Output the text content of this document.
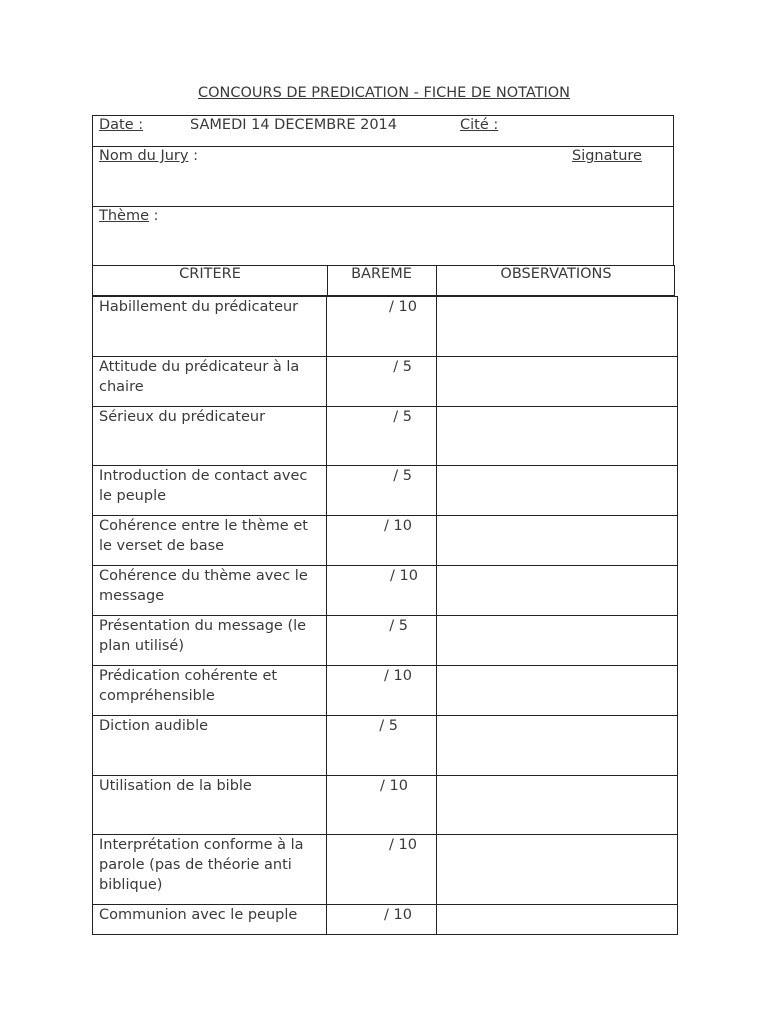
CONCOURS DE PREDICATION - FICHE DE NOTATION
Date :	SAMEDI 14 DECEMBRE 2014	Cité :
Nom du Jury :	Signature
Thème :
CRITERE	BAREME	OBSERVATIONS
Habillement du prédicateur	/ 10	
Attitude du prédicateur à la chaire	/ 5	
Sérieux du prédicateur	/ 5	
Introduction de contact avec le peuple	/ 5	
Cohérence entre le thème et le verset de base	/ 10	
Cohérence du thème avec le message	/ 10	
Présentation du message (le plan utilisé)	/ 5	
Prédication cohérente et compréhensible	/ 10	
Diction audible	/ 5	
Utilisation de la bible	/ 10	
Interprétation conforme à la parole (pas de théorie anti biblique)	/ 10	
Communion avec le peuple	/ 10	
